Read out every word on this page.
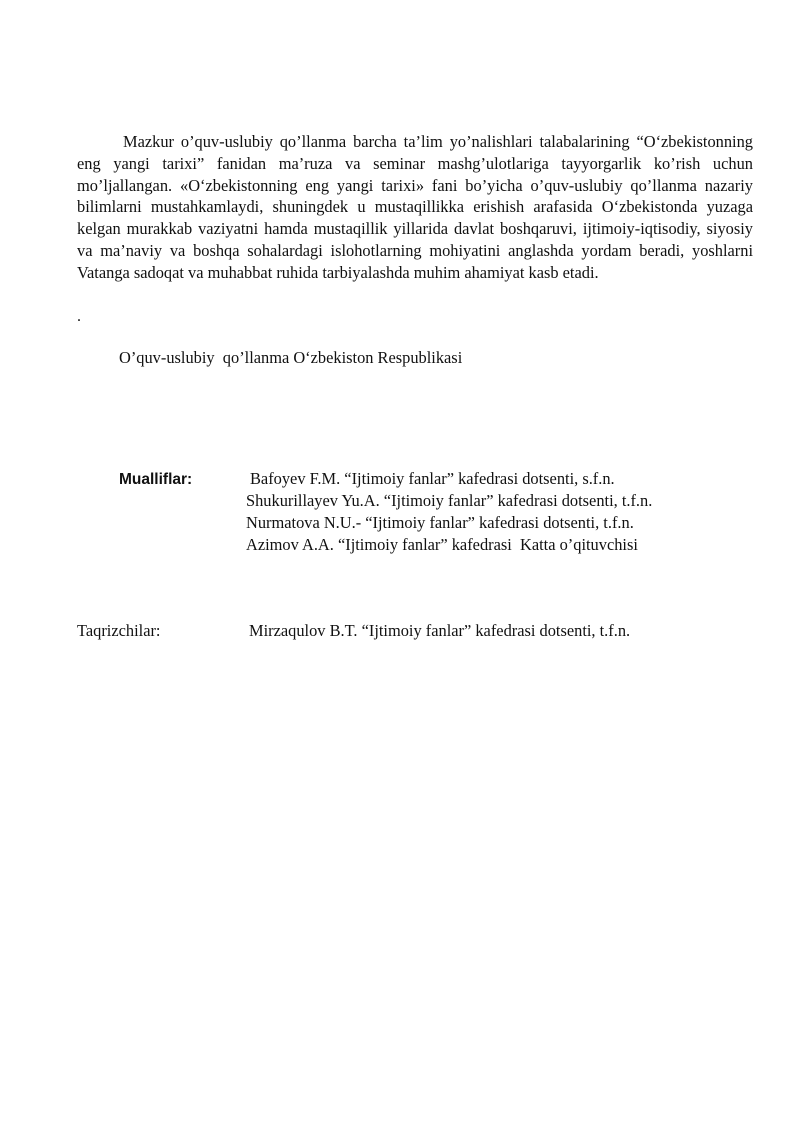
Mazkur o’quv-uslubiy qo’llanma barcha ta’lim yo’nalishlari talabalarining “O‘zbekistonning eng yangi tarixi” fanidan ma’ruza va seminar mashg’ulotlariga tayyorgarlik ko’rish uchun mo’ljallangan. «O‘zbekistonning eng yangi tarixi» fani bo’yicha o’quv-uslubiy qo’llanma nazariy bilimlarni mustahkamlaydi, shuningdek u mustaqillikka erishish arafasida O‘zbekistonda yuzaga kelgan murakkab vaziyatni hamda mustaqillik yillarida davlat boshqaruvi, ijtimoiy-iqtisodiy, siyosiy va ma’naviy va boshqa sohalardagi islohotlarning mohiyatini anglashda yordam beradi, yoshlarni Vatanga sadoqat va muhabbat ruhida tarbiyalashda muhim ahamiyat kasb etadi.

.
O’quv-uslubiy  qo’llanma O‘zbekiston Respublikasi
Mualliflar:	Bafoyev F.M. “Ijtimoiy fanlar” kafedrasi dotsenti, s.f.n.
Shukurillayev Yu.A. “Ijtimoiy fanlar” kafedrasi dotsenti, t.f.n.
Nurmatova N.U.- “Ijtimoiy fanlar” kafedrasi dotsenti, t.f.n.
Azimov A.A. “Ijtimoiy fanlar” kafedrasi  Katta o’qituvchisi
Taqrizchilar:	Mirzaqulov B.T. “Ijtimoiy fanlar” kafedrasi dotsenti, t.f.n.
